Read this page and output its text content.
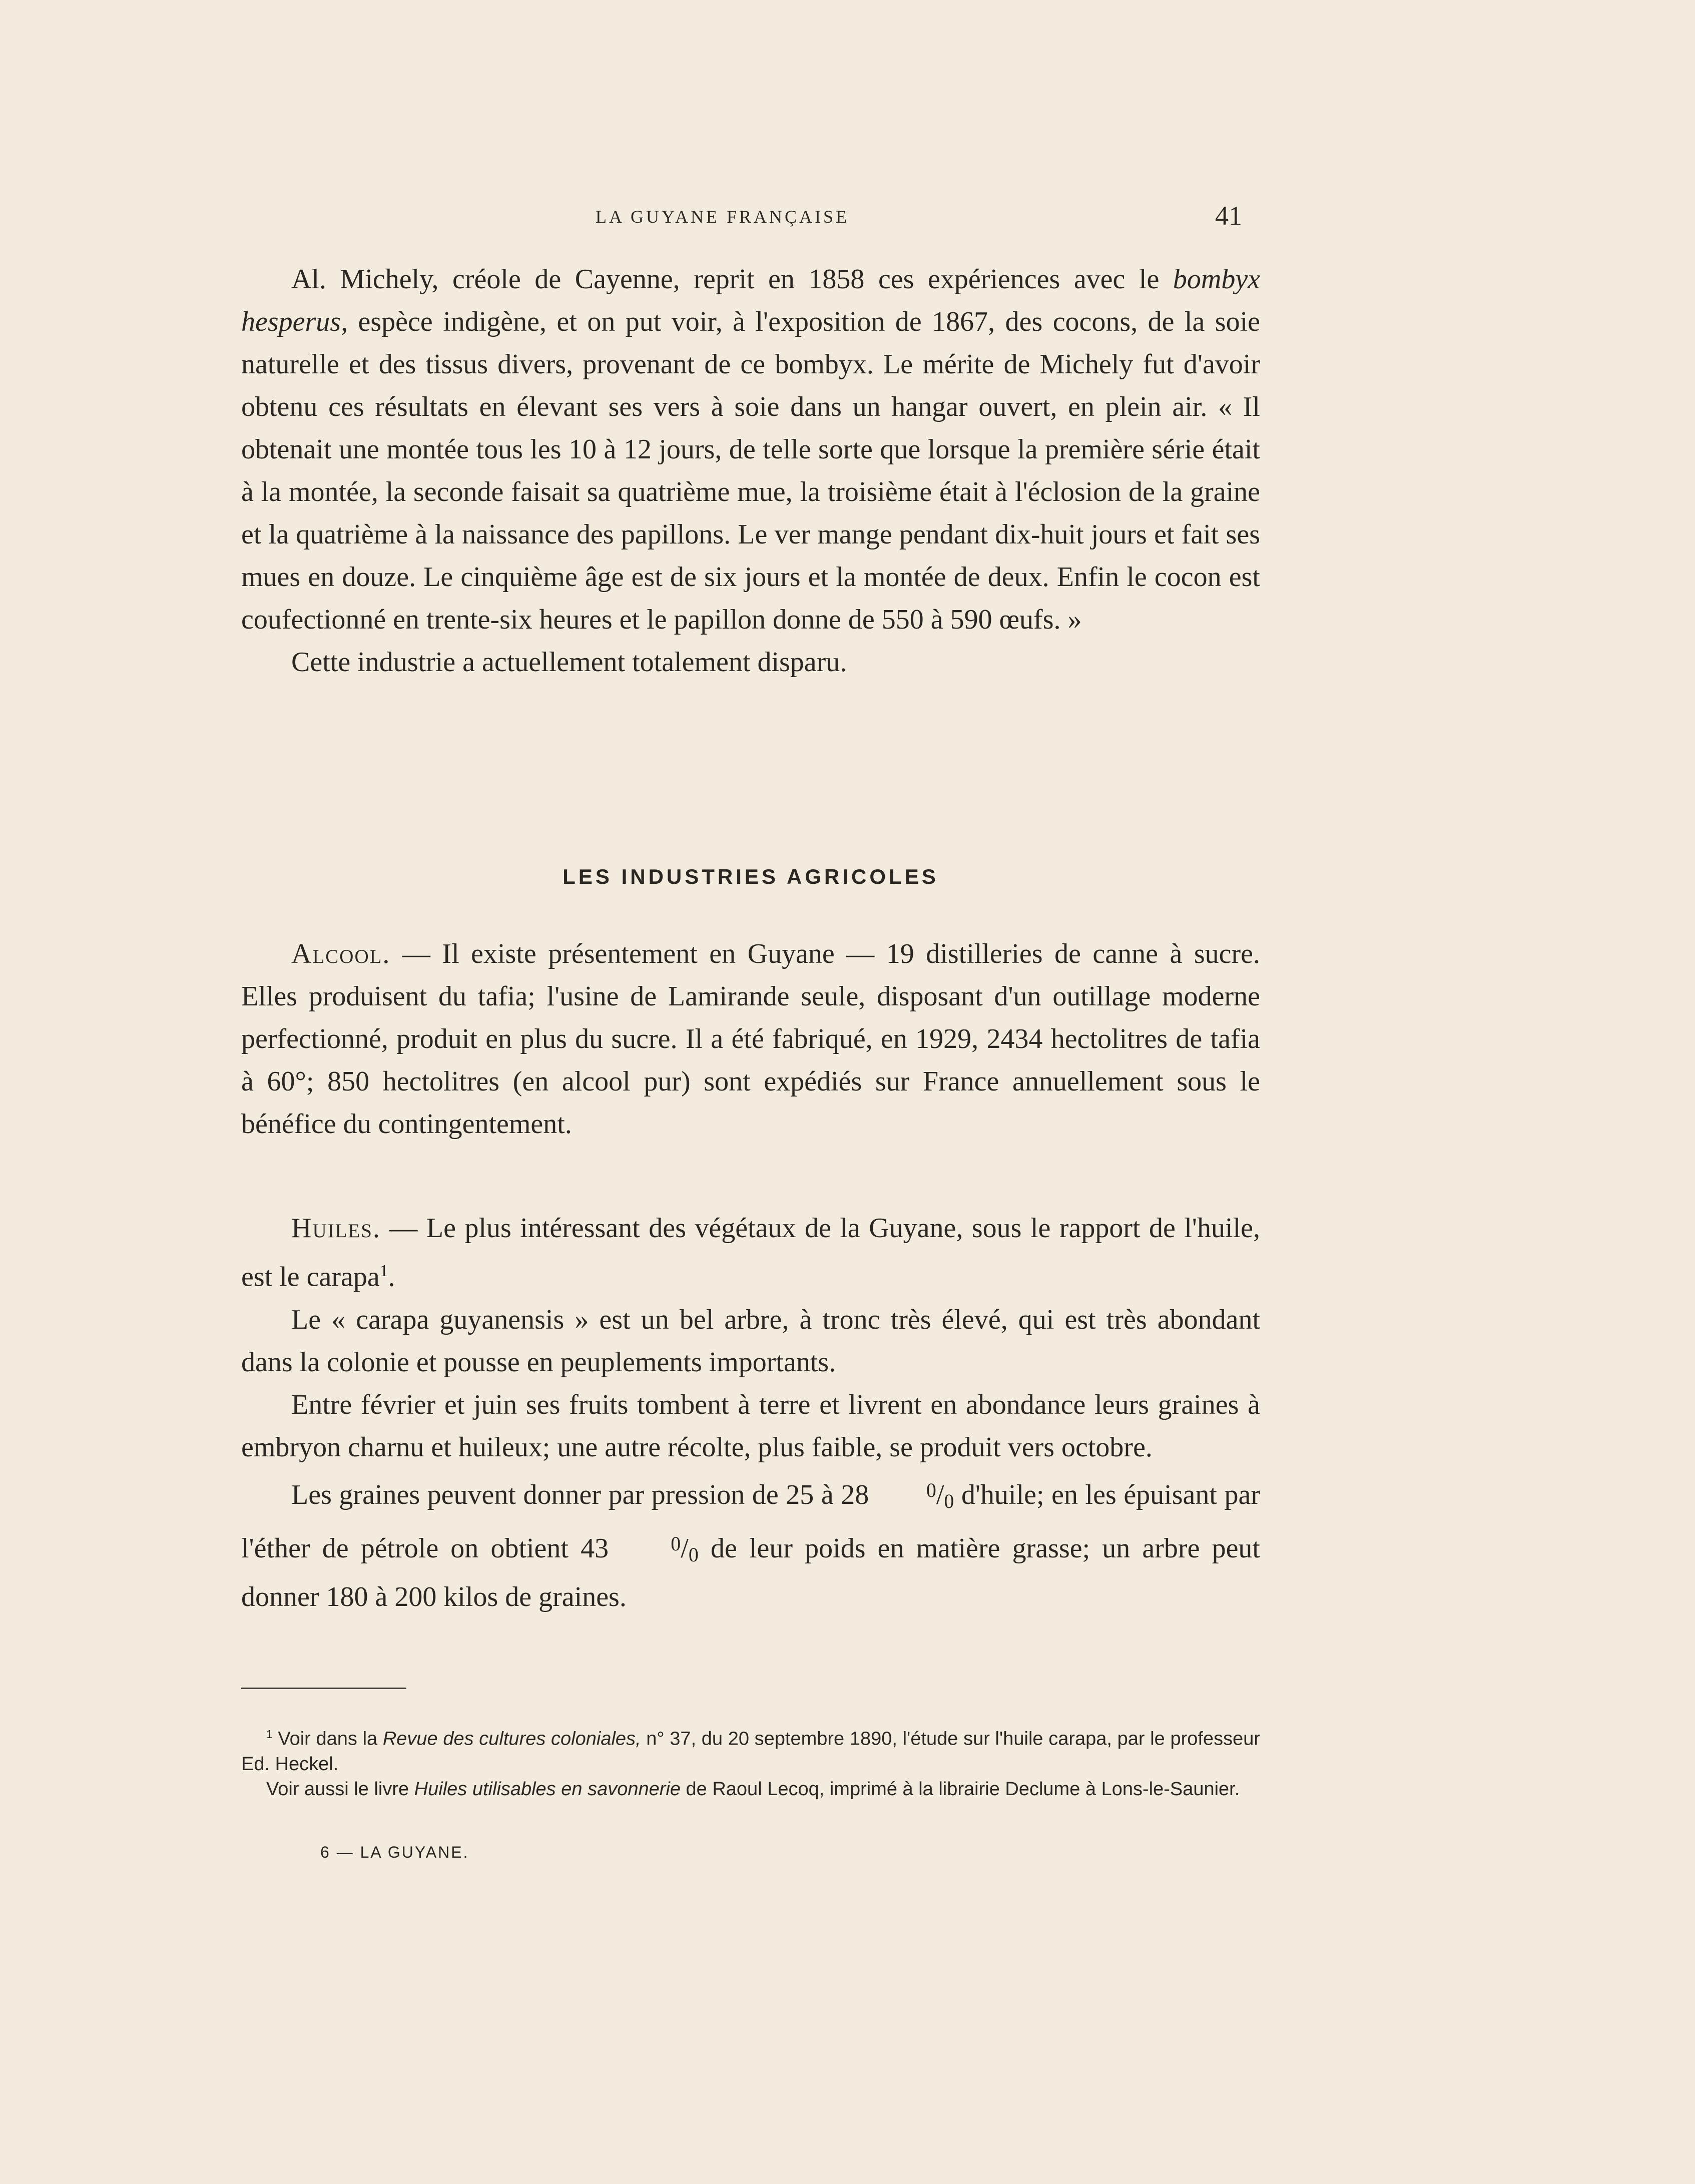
LA GUYANE FRANÇAISE	41

Al. Michely, créole de Cayenne, reprit en 1858 ces expériences avec le bombyx hesperus, espèce indigène, et on put voir, à l'exposition de 1867, des cocons, de la soie naturelle et des tissus divers, provenant de ce bombyx. Le mérite de Michely fut d'avoir obtenu ces résultats en élevant ses vers à soie dans un hangar ouvert, en plein air. « Il obtenait une montée tous les 10 à 12 jours, de telle sorte que lorsque la première série était à la montée, la seconde faisait sa quatrième mue, la troisième était à l'éclosion de la graine et la quatrième à la naissance des papillons. Le ver mange pendant dix-huit jours et fait ses mues en douze. Le cinquième âge est de six jours et la montée de deux. Enfin le cocon est coufectionné en trente-six heures et le papillon donne de 550 à 590 œufs. »

Cette industrie a actuellement totalement disparu.

LES INDUSTRIES AGRICOLES

Alcool. — Il existe présentement en Guyane — 19 distilleries de canne à sucre. Elles produisent du tafia; l'usine de Lamirande seule, disposant d'un outillage moderne perfectionné, produit en plus du sucre. Il a été fabriqué, en 1929, 2434 hectolitres de tafia à 60°; 850 hectolitres (en alcool pur) sont expédiés sur France annuellement sous le bénéfice du contingentement.

Huiles. — Le plus intéressant des végétaux de la Guyane, sous le rapport de l'huile, est le carapa$^1$.

Le « carapa guyanensis » est un bel arbre, à tronc très élevé, qui est très abondant dans la colonie et pousse en peuplements importants.

Entre février et juin ses fruits tombent à terre et livrent en abondance leurs graines à embryon charnu et huileux; une autre récolte, plus faible, se produit vers octobre.

Les graines peuvent donner par pression de 25 à 28	$^0/_0$ d'huile; en les épuisant par l'éther de pétrole on obtient 43	$^0/_0$ de leur poids en matière grasse; un arbre peut donner 180 à 200 kilos de graines.

$^1$ Voir dans la Revue des cultures coloniales, n° 37, du 20 septembre 1890, l'étude sur l'huile carapa, par le professeur Ed. Heckel.

Voir aussi le livre Huiles utilisables en savonnerie de Raoul Lecoq, imprimé à la librairie Declume à Lons-le-Saunier.

6 — LA GUYANE.
